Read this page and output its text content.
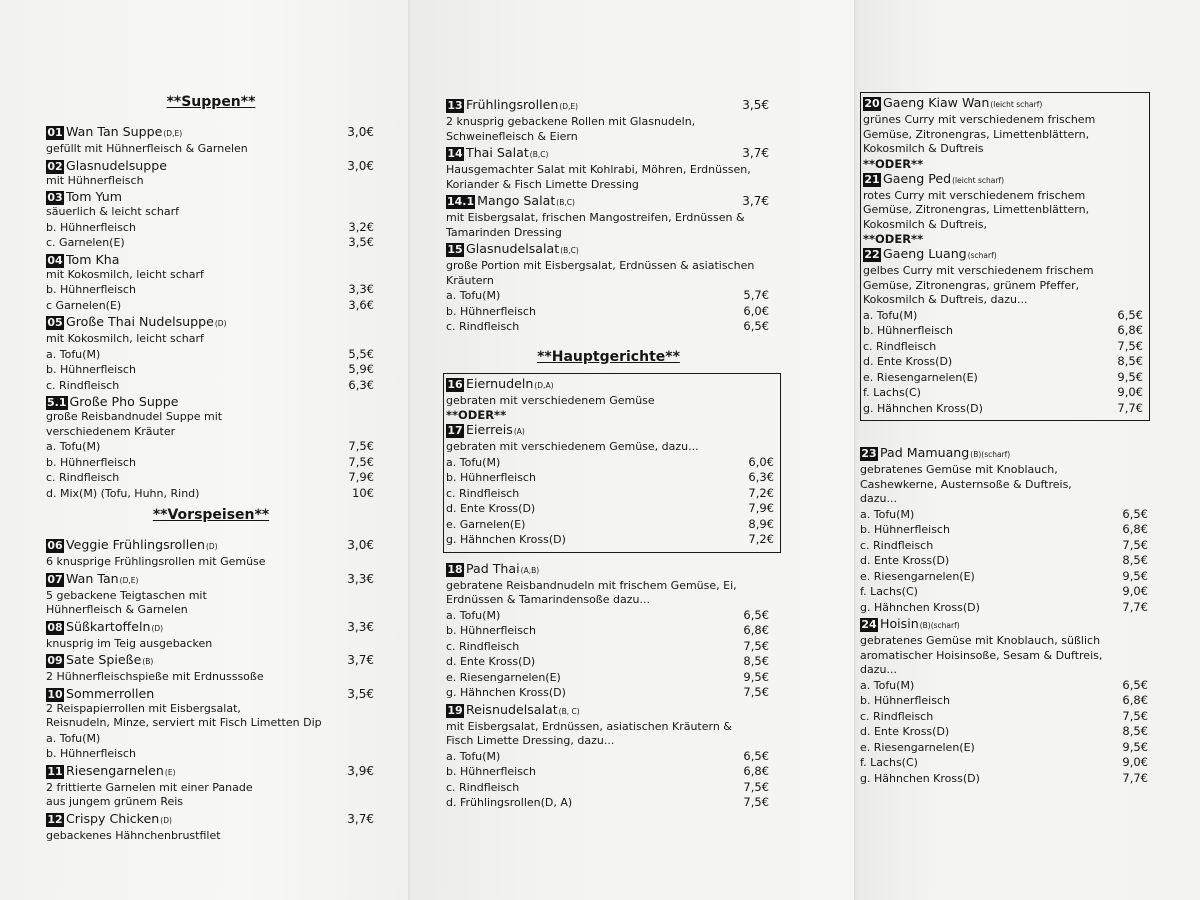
**Suppen**
01 Wan Tan Suppe (D,E)	3,0€
gefüllt mit Hühnerfleisch & Garnelen
02 Glasnudelsuppe	3,0€
mit Hühnerfleisch
03 Tom Yum
säuerlich & leicht scharf
b. Hühnerfleisch	3,2€
c. Garnelen(E)	3,5€
04 Tom Kha
mit Kokosmilch, leicht scharf
b. Hühnerfleisch	3,3€
c Garnelen(E)	3,6€
05 Große Thai Nudelsuppe (D)
mit Kokosmilch, leicht scharf
a. Tofu(M)	5,5€
b. Hühnerfleisch	5,9€
c. Rindfleisch	6,3€
5.1 Große Pho Suppe
große Reisbandnudel Suppe mit
verschiedenem Kräuter
a. Tofu(M)	7,5€
b. Hühnerfleisch	7,5€
c. Rindfleisch	7,9€
d. Mix(M) (Tofu, Huhn, Rind)	10€
**Vorspeisen**
06 Veggie Frühlingsrollen (D)	3,0€
6 knusprige Frühlingsrollen mit Gemüse
07 Wan Tan (D,E)	3,3€
5 gebackene Teigtaschen mit
Hühnerfleisch & Garnelen
08 Süßkartoffeln (D)	3,3€
knusprig im Teig ausgebacken
09 Sate Spieße (B)	3,7€
2 Hühnerfleischspieße mit Erdnusssoße
10 Sommerrollen	3,5€
2 Reispapierrollen mit Eisbergsalat,
Reisnudeln, Minze, serviert mit Fisch Limetten Dip
a. Tofu(M)
b. Hühnerfleisch
11 Riesengarnelen (E)	3,9€
2 frittierte Garnelen mit einer Panade
aus jungem grünem Reis
12 Crispy Chicken (D)	3,7€
gebackenes Hähnchenbrustfilet
13 Frühlingsrollen (D,E)	3,5€
2 knusprig gebackene Rollen mit Glasnudeln,
Schweinefleisch & Eiern
14 Thai Salat (B,C)	3,7€
Hausgemachter Salat mit Kohlrabi, Möhren, Erdnüssen,
Koriander & Fisch Limette Dressing
14.1 Mango Salat (B,C)	3,7€
mit Eisbergsalat, frischen Mangostreifen, Erdnüssen &
Tamarinden Dressing
15 Glasnudelsalat (B,C)
große Portion mit Eisbergsalat, Erdnüssen & asiatischen
Kräutern
a. Tofu(M)	5,7€
b. Hühnerfleisch	6,0€
c. Rindfleisch	6,5€
**Hauptgerichte**
16 Eiernudeln (D,A)
gebraten mit verschiedenem Gemüse
**ODER**
17 Eierreis (A)
gebraten mit verschiedenem Gemüse, dazu...
a. Tofu(M)	6,0€
b. Hühnerfleisch	6,3€
c. Rindfleisch	7,2€
d. Ente Kross(D)	7,9€
e. Garnelen(E)	8,9€
g. Hähnchen Kross(D)	7,2€
18 Pad Thai (A,B)
gebratene Reisbandnudeln mit frischem Gemüse, Ei,
Erdnüssen & Tamarindensoße dazu...
a. Tofu(M)	6,5€
b. Hühnerfleisch	6,8€
c. Rindfleisch	7,5€
d. Ente Kross(D)	8,5€
e. Riesengarnelen(E)	9,5€
g. Hähnchen Kross(D)	7,5€
19 Reisnudelsalat (B, C)
mit Eisbergsalat, Erdnüssen, asiatischen Kräutern &
Fisch Limette Dressing, dazu...
a. Tofu(M)	6,5€
b. Hühnerfleisch	6,8€
c. Rindfleisch	7,5€
d. Frühlingsrollen(D, A)	7,5€
20 Gaeng Kiaw Wan (leicht scharf)
grünes Curry mit verschiedenem frischem
Gemüse, Zitronengras, Limettenblättern,
Kokosmilch & Duftreis
**ODER**
21 Gaeng Ped (leicht scharf)
rotes Curry mit verschiedenem frischem
Gemüse, Zitronengras, Limettenblättern,
Kokosmilch & Duftreis,
**ODER**
22 Gaeng Luang (scharf)
gelbes Curry mit verschiedenem frischem
Gemüse, Zitronengras, grünem Pfeffer,
Kokosmilch & Duftreis, dazu...
a. Tofu(M)	6,5€
b. Hühnerfleisch	6,8€
c. Rindfleisch	7,5€
d. Ente Kross(D)	8,5€
e. Riesengarnelen(E)	9,5€
f. Lachs(C)	9,0€
g. Hähnchen Kross(D)	7,7€
23 Pad Mamuang (B)(scharf)
gebratenes Gemüse mit Knoblauch,
Cashewkerne, Austernsoße & Duftreis,
dazu...
a. Tofu(M)	6,5€
b. Hühnerfleisch	6,8€
c. Rindfleisch	7,5€
d. Ente Kross(D)	8,5€
e. Riesengarnelen(E)	9,5€
f. Lachs(C)	9,0€
g. Hähnchen Kross(D)	7,7€
24 Hoisin (B)(scharf)
gebratenes Gemüse mit Knoblauch, süßlich
aromatischer Hoisinsoße, Sesam & Duftreis,
dazu...
a. Tofu(M)	6,5€
b. Hühnerfleisch	6,8€
c. Rindfleisch	7,5€
d. Ente Kross(D)	8,5€
e. Riesengarnelen(E)	9,5€
f. Lachs(C)	9,0€
g. Hähnchen Kross(D)	7,7€
